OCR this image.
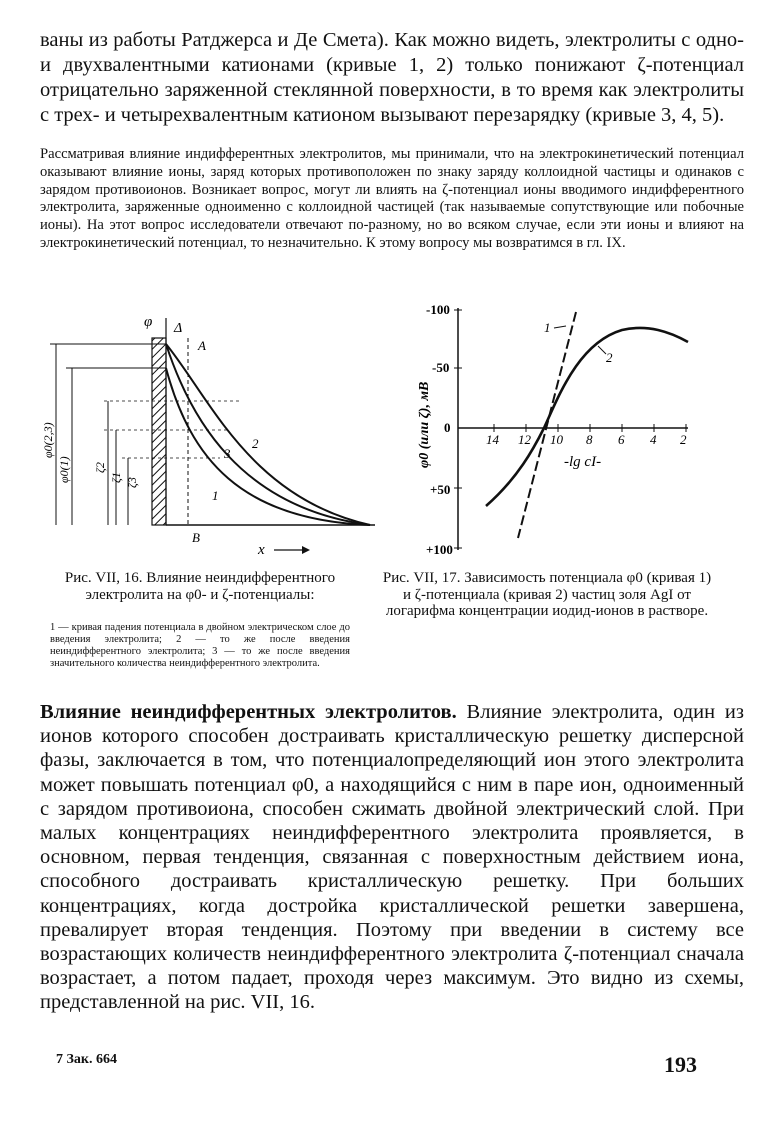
ваны из работы Ратджерса и Де Смета). Как можно видеть, электролиты с одно- и двухвалентными катионами (кривые 1, 2) только понижают ζ-потенциал отрицательно заряженной стеклянной поверхности, в то время как электролиты с трех- и четырехвалентным катионом вызывают перезарядку (кривые 3, 4, 5).

Рассматривая влияние индифферентных электролитов, мы принимали, что на электрокинетический потенциал оказывают влияние ионы, заряд которых противоположен по знаку заряду коллоидной частицы и одинаков с зарядом противоионов. Возникает вопрос, могут ли влиять на ζ-потенциал ионы вводимого индифферентного электролита, заряженные одноименно с коллоидной частицей (так называемые сопутствующие или побочные ионы). На этот вопрос исследователи отвечают по-разному, но во всяком случае, если эти ионы и влияют на электрокинетический потенциал, то незначительно. К этому вопросу мы возвратимся в гл. IX.

φ Δ
A
B
x
2
3
1
φ0(2,3)
φ0(1) ζ2
ζ1 ζ3
-100
-50
0
+50
+100
14 12 10 8 6 4 2
-lg cI-
φ0 (или ζ), мВ
1
2
Рис. VII, 16. Влияние неиндифферентного электролита на φ0- и ζ-потенциалы:
1 — кривая падения потенциала в двойном электрическом слое до введения электролита; 2 — то же после введения неиндифферентного электролита; 3 — то же после введения значительного количества неиндифферентного электролита.
Рис. VII, 17. Зависимость потенциала φ0 (кривая 1) и ζ-потенциала (кривая 2) частиц золя AgI от логарифма концентрации иодид-ионов в растворе.

Влияние неиндифферентных электролитов. Влияние электролита, один из ионов которого способен достраивать кристаллическую решетку дисперсной фазы, заключается в том, что потенциалопределяющий ион этого электролита может повышать потенциал φ0, а находящийся с ним в паре ион, одноименный с зарядом противоиона, способен сжимать двойной электрический слой. При малых концентрациях неиндифферентного электролита проявляется, в основном, первая тенденция, связанная с поверхностным действием иона, способного достраивать кристаллическую решетку. При больших концентрациях, когда достройка кристаллической решетки завершена, превалирует вторая тенденция. Поэтому при введении в систему все возрастающих количеств неиндифферентного электролита ζ-потенциал сначала возрастает, а потом падает, проходя через максимум. Это видно из схемы, представленной на рис. VII, 16.

7 Зак. 664	193
